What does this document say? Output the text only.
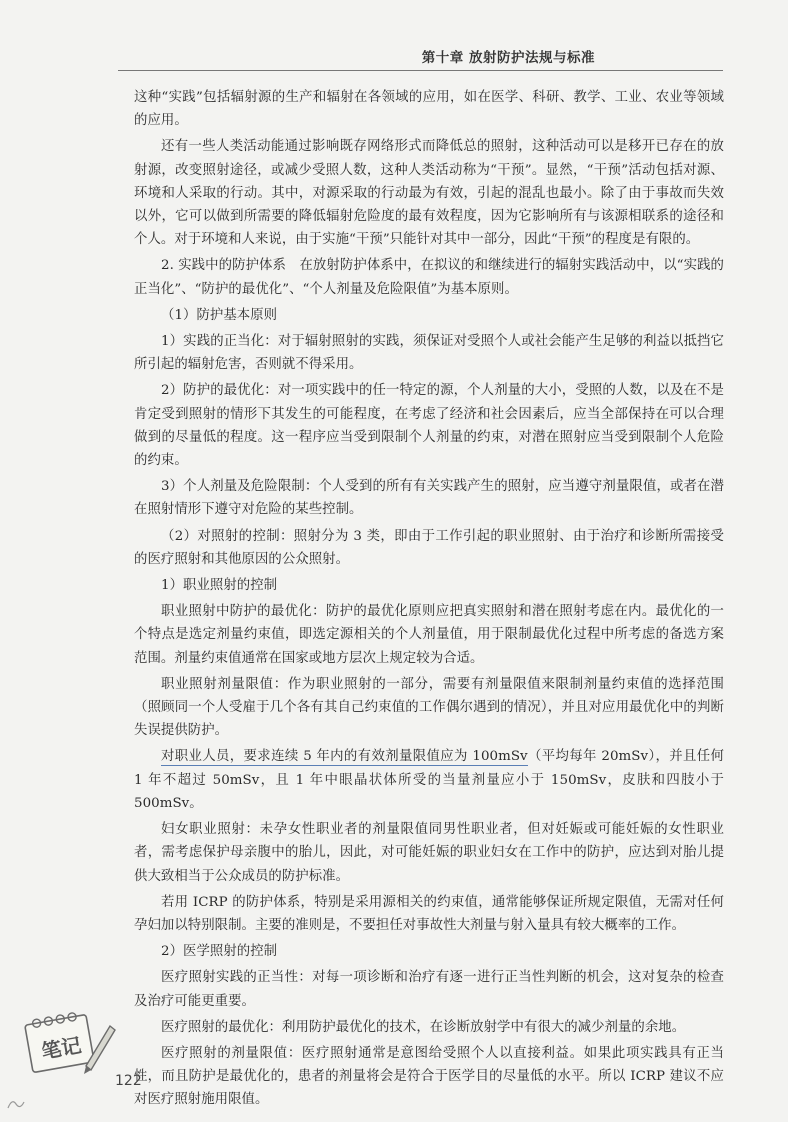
第十章 放射防护法规与标准

这种“实践”包括辐射源的生产和辐射在各领域的应用，如在医学、科研、教学、工业、农业等领域的应用。

还有一些人类活动能通过影响既存网络形式而降低总的照射，这种活动可以是移开已存在的放射源，改变照射途径，或减少受照人数，这种人类活动称为“干预”。显然，“干预”活动包括对源、环境和人采取的行动。其中，对源采取的行动最为有效，引起的混乱也最小。除了由于事故而失效以外，它可以做到所需要的降低辐射危险度的最有效程度，因为它影响所有与该源相联系的途径和个人。对于环境和人来说，由于实施“干预”只能针对其中一部分，因此“干预”的程度是有限的。

2. 实践中的防护体系　在放射防护体系中，在拟议的和继续进行的辐射实践活动中，以“实践的正当化”、“防护的最优化”、“个人剂量及危险限值”为基本原则。

（1）防护基本原则

1）实践的正当化：对于辐射照射的实践，须保证对受照个人或社会能产生足够的利益以抵挡它所引起的辐射危害，否则就不得采用。

2）防护的最优化：对一项实践中的任一特定的源，个人剂量的大小，受照的人数，以及在不是肯定受到照射的情形下其发生的可能程度，在考虑了经济和社会因素后，应当全部保持在可以合理做到的尽量低的程度。这一程序应当受到限制个人剂量的约束，对潜在照射应当受到限制个人危险的约束。

3）个人剂量及危险限制：个人受到的所有有关实践产生的照射，应当遵守剂量限值，或者在潜在照射情形下遵守对危险的某些控制。

（2）对照射的控制：照射分为 3 类，即由于工作引起的职业照射、由于治疗和诊断所需接受的医疗照射和其他原因的公众照射。

1）职业照射的控制

职业照射中防护的最优化：防护的最优化原则应把真实照射和潜在照射考虑在内。最优化的一个特点是选定剂量约束值，即选定源相关的个人剂量值，用于限制最优化过程中所考虑的备选方案范围。剂量约束值通常在国家或地方层次上规定较为合适。

职业照射剂量限值：作为职业照射的一部分，需要有剂量限值来限制剂量约束值的选择范围（照顾同一个人受雇于几个各有其自己约束值的工作偶尔遇到的情况），并且对应用最优化中的判断失误提供防护。

对职业人员，要求连续 5 年内的有效剂量限值应为 100mSv（平均每年 20mSv），并且任何 1 年不超过 50mSv，且 1 年中眼晶状体所受的当量剂量应小于 150mSv，皮肤和四肢小于 500mSv。

妇女职业照射：未孕女性职业者的剂量限值同男性职业者，但对妊娠或可能妊娠的女性职业者，需考虑保护母亲腹中的胎儿，因此，对可能妊娠的职业妇女在工作中的防护，应达到对胎儿提供大致相当于公众成员的防护标准。

若用 ICRP 的防护体系，特别是采用源相关的约束值，通常能够保证所规定限值，无需对任何孕妇加以特别限制。主要的准则是，不要担任对事故性大剂量与射入量具有较大概率的工作。

2）医学照射的控制

医疗照射实践的正当性：对每一项诊断和治疗有逐一进行正当性判断的机会，这对复杂的检查及治疗可能更重要。

医疗照射的最优化：利用防护最优化的技术，在诊断放射学中有很大的减少剂量的余地。

医疗照射的剂量限值：医疗照射通常是意图给受照个人以直接利益。如果此项实践具有正当性，而且防护是最优化的，患者的剂量将会是符合于医学目的尽量低的水平。所以 ICRP 建议不应对医疗照射施用限值。

笔记
122
